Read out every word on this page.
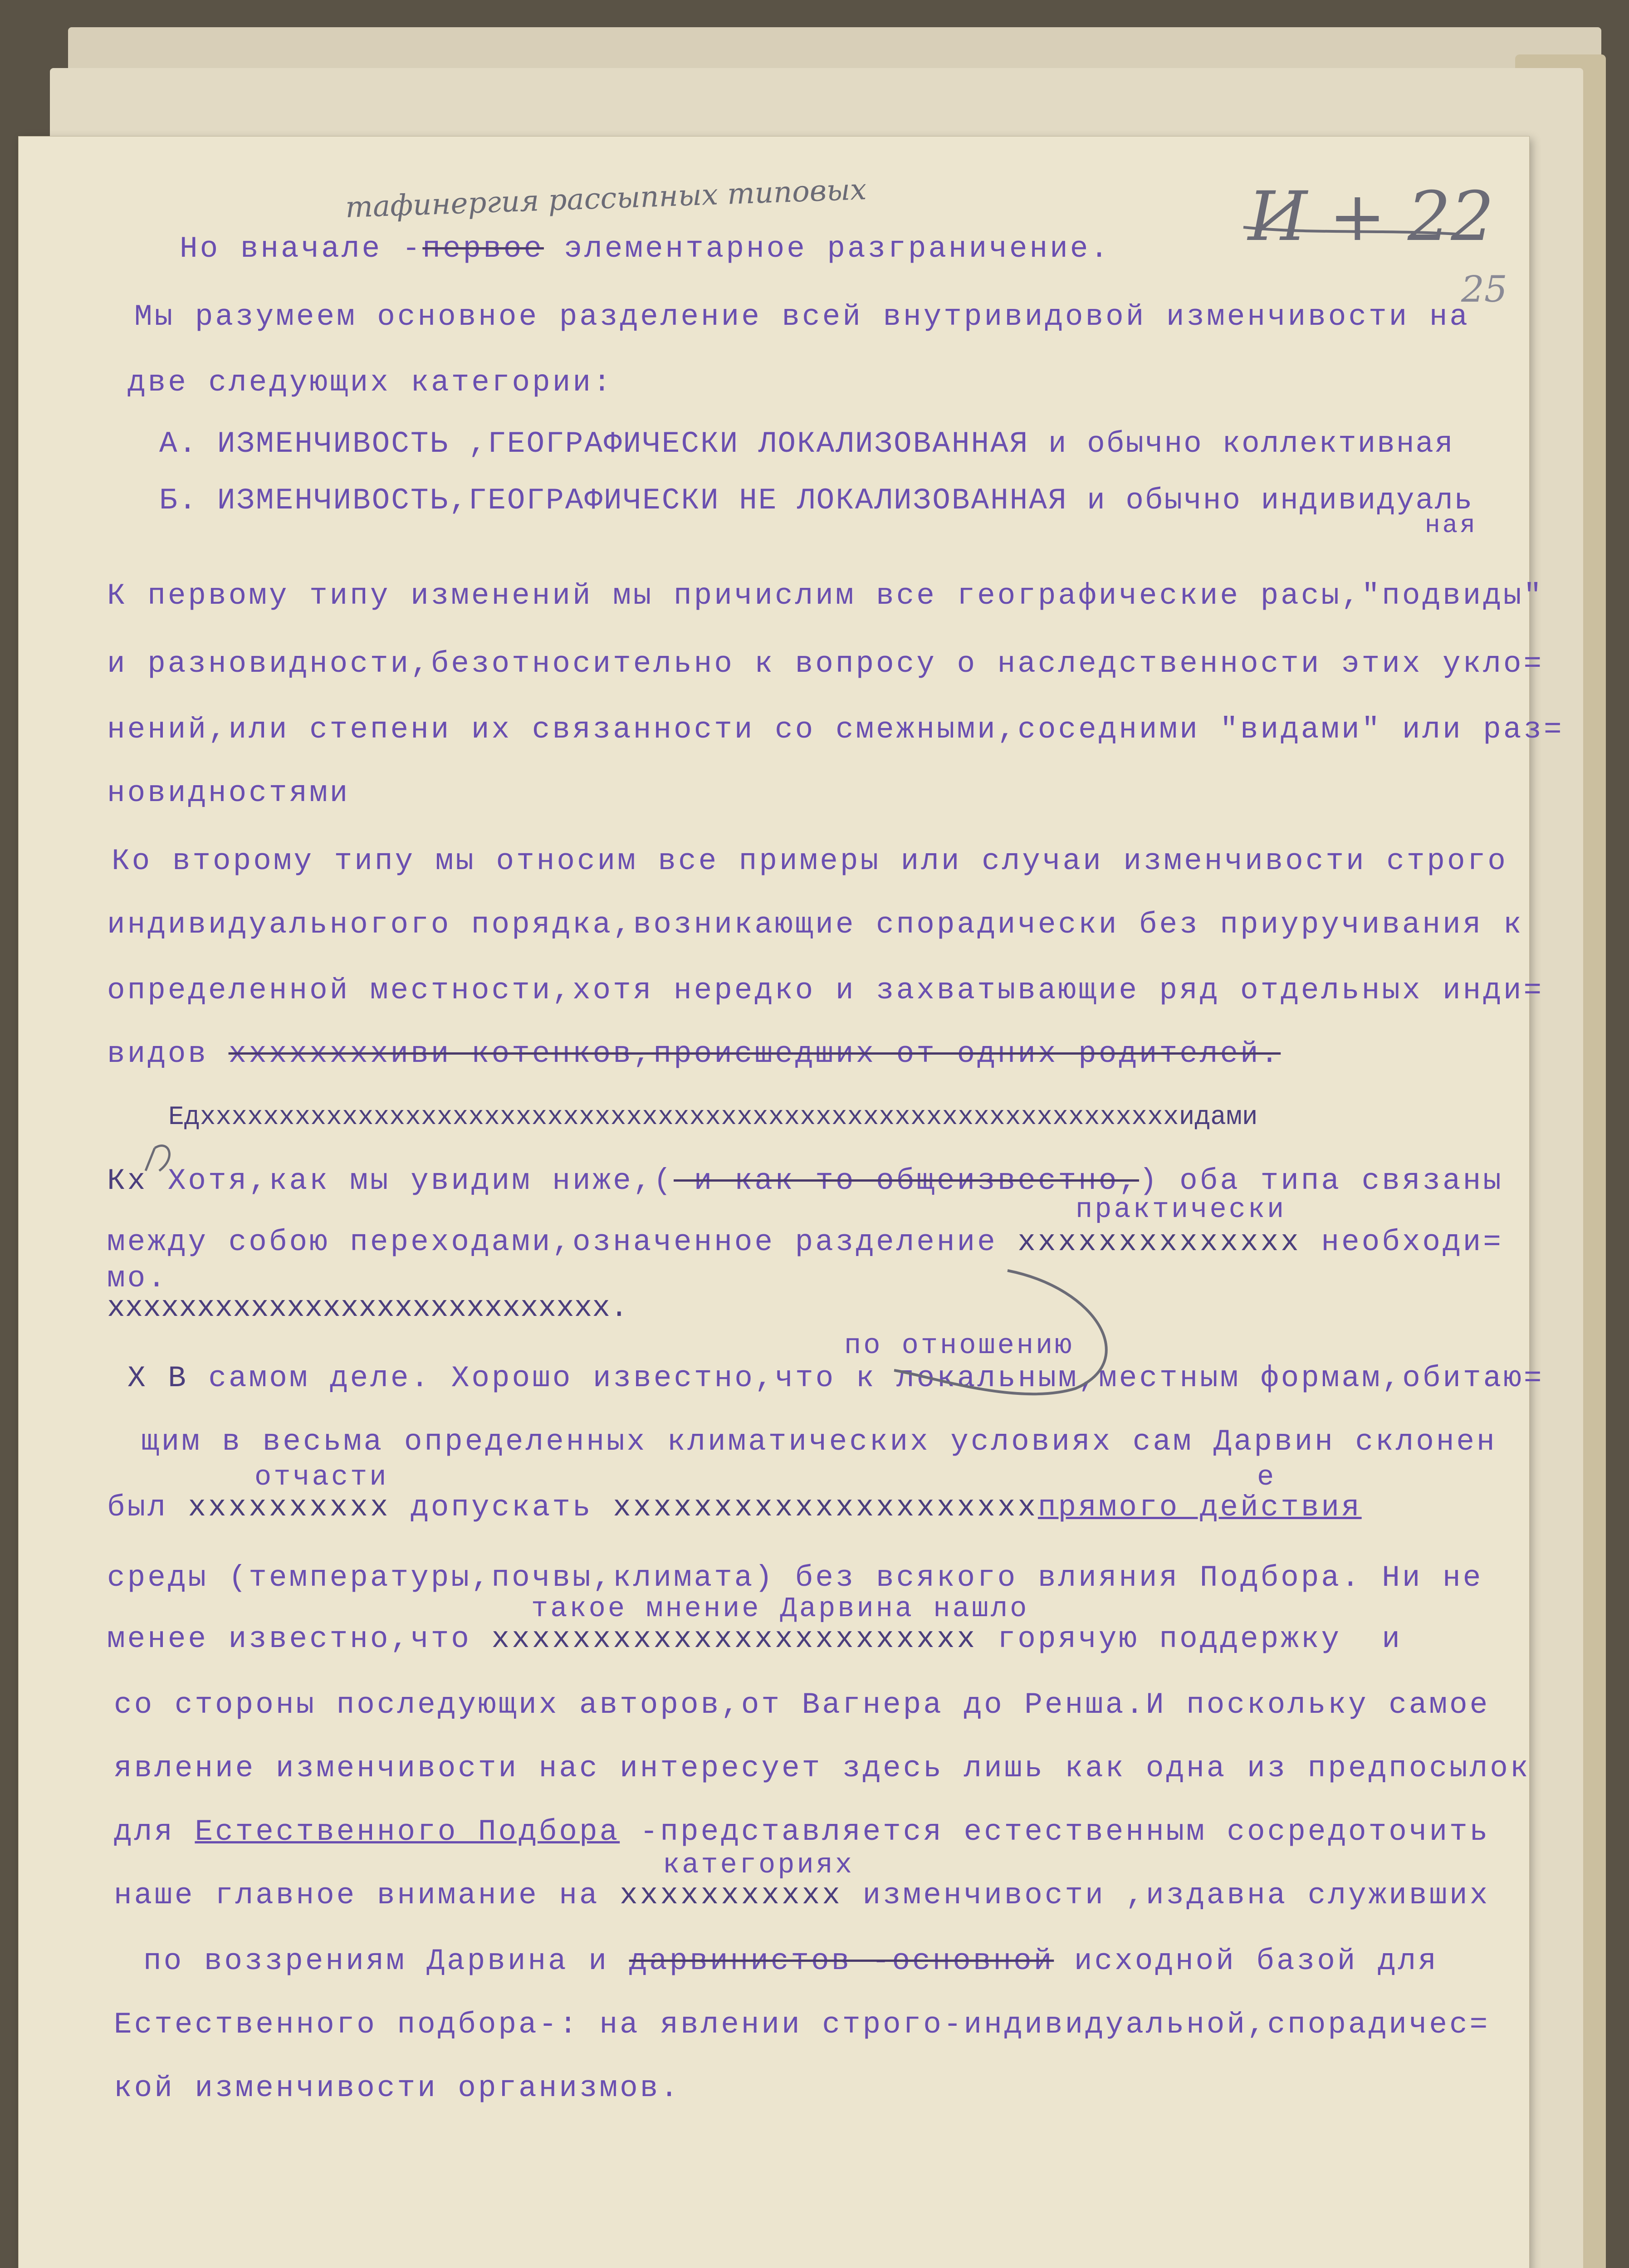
тафинергия рассыпных типовых	И + 22
25
Но вначале -первое элементарное разграничение.
Мы разумеем основное разделение всей внутривидовой изменчивости на
две следующих категории:
А. ИЗМЕНЧИВОСТЬ ,ГЕОГРАФИЧЕСКИ ЛОКАЛИЗОВАННАЯ и обычно коллективная
Б. ИЗМЕНЧИВОСТЬ,ГЕОГРАФИЧЕСКИ НЕ ЛОКАЛИЗОВАННАЯ и обычно индивидуаль
ная
К первому типу изменений мы причислим все географические расы,"подвиды"
и разновидности,безотносительно к вопросу о наследственности этих укло=
нений,или степени их связанности со смежными,соседними "видами" или раз=
новидностями
Ко второму типу мы относим все примеры или случаи изменчивости строго
индивидуальногого порядка,возникающие спорадически без приуручивания к
определенной местности,хотя нередко и захватывающие ряд отдельных инди=
видов ххххххххиви котенков,происшедших от одних родителей.
Едххххххххххххххххххххххххххххххххххххххххххххххххххххххххххххххидами
Кх Хотя,как мы увидим ниже,( и как то общеизвестно,) оба типа связаны
практически
между собою переходами,означенное разделение хххххххххххххх необходи=
мо.
хххххххххххххххххххххххххххх.
по отношению
Х В самом деле. Хорошо известно,что к локальным,местным формам,обитаю=
щим в весьма определенных климатических условиях сам Дарвин склонен
отчасти	е
был хххххххххх допускать хххххххххххххххххххххпрямого действия
среды (температуры,почвы,климата) без всякого влияния Подбора. Ни не
такое мнение Дарвина нашло
менее известно,что хххххххххххххххххххххххх горячую поддержку  и
со стороны последующих авторов,от Вагнера до Ренша.И поскольку самое
явление изменчивости нас интересует здесь лишь как одна из предпосылок
для Естественного Подбора -представляется естественным сосредоточить
категориях
наше главное внимание на ххххххххххх изменчивости ,издавна служивших
по воззрениям Дарвина и дарвинистов -основной исходной базой для
Естественного подбора-: на явлении строго-индивидуальной,спорадичес=
кой изменчивости организмов.
